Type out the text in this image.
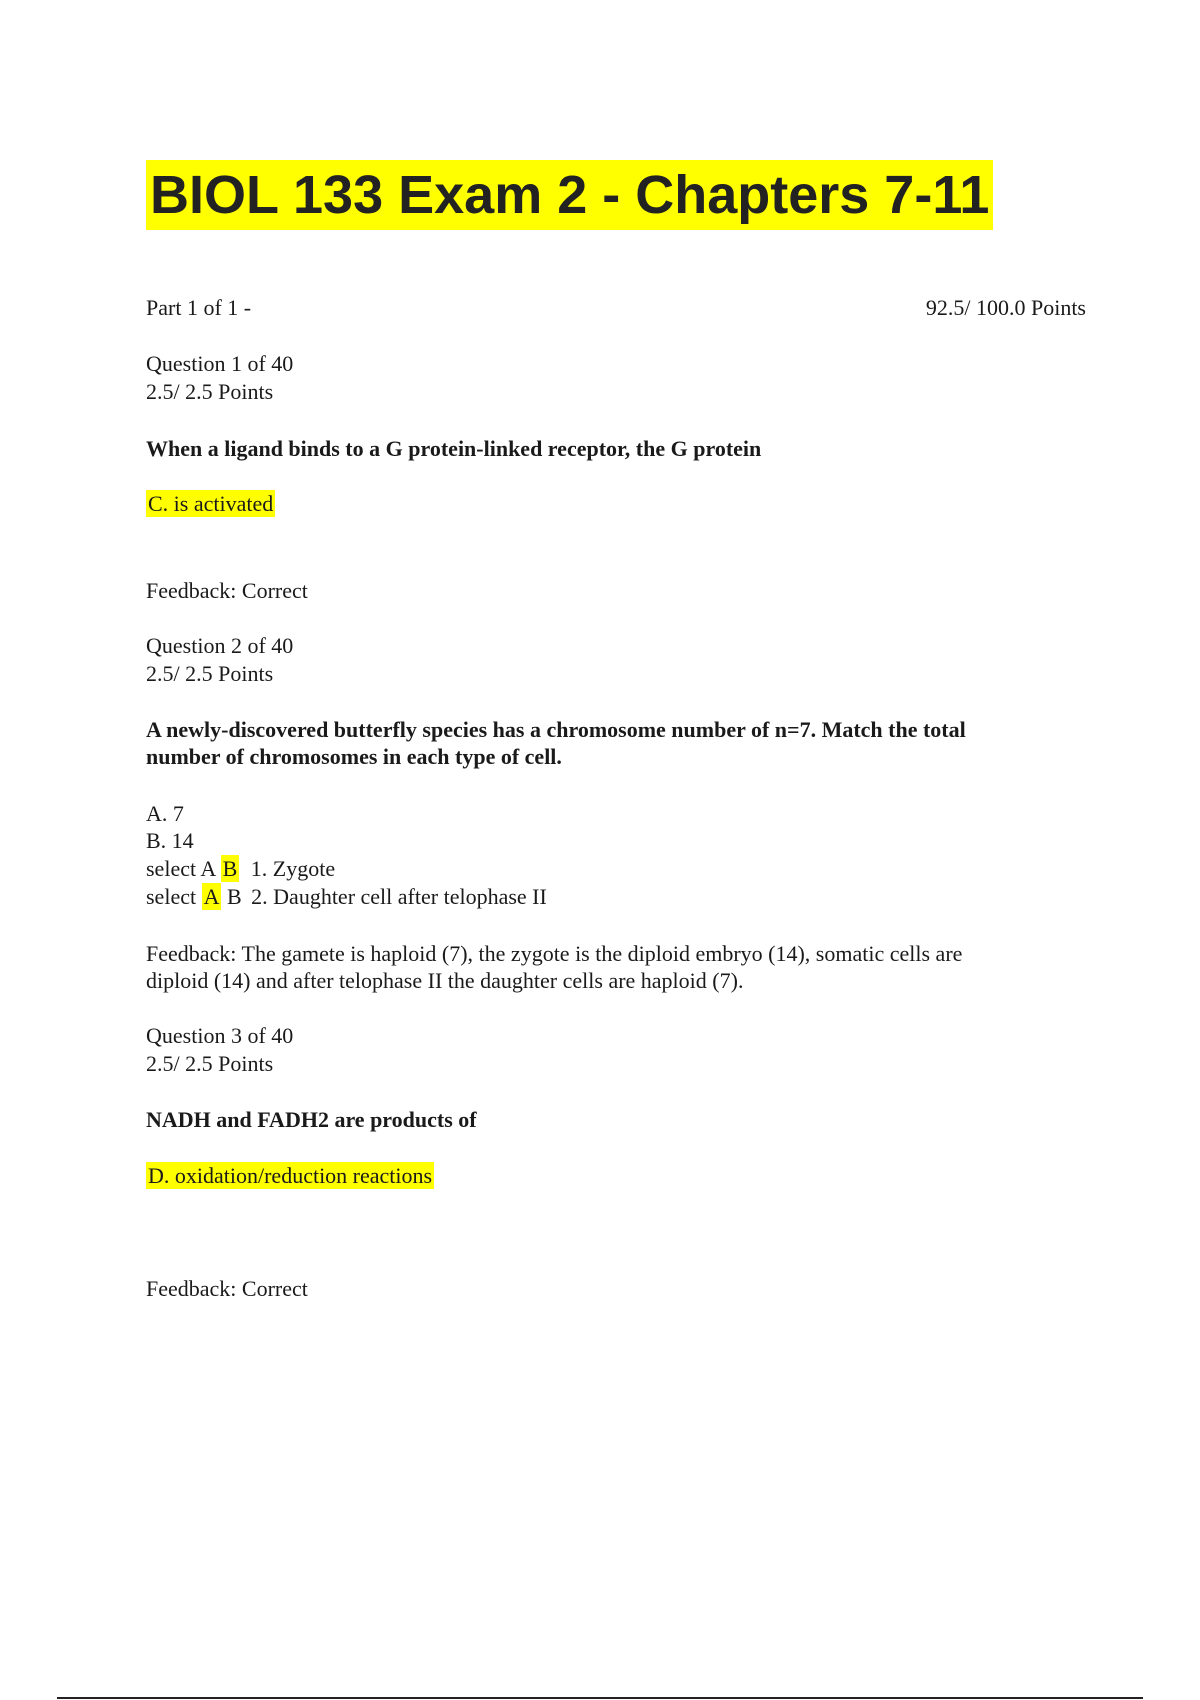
BIOL 133 Exam 2 - Chapters 7-11
Part 1 of 1 -	92.5/ 100.0 Points
Question 1 of 40
2.5/ 2.5 Points
When a ligand binds to a G protein-linked receptor, the G protein
C. is activated
Feedback: Correct
Question 2 of 40
2.5/ 2.5 Points
A newly-discovered butterfly species has a chromosome number of n=7. Match the total
number of chromosomes in each type of cell.
A. 7
B. 14
select A B 1. Zygote
select A B 2. Daughter cell after telophase II
Feedback: The gamete is haploid (7), the zygote is the diploid embryo (14), somatic cells are
diploid (14) and after telophase II the daughter cells are haploid (7).
Question 3 of 40
2.5/ 2.5 Points
NADH and FADH2 are products of
D. oxidation/reduction reactions
Feedback: Correct
